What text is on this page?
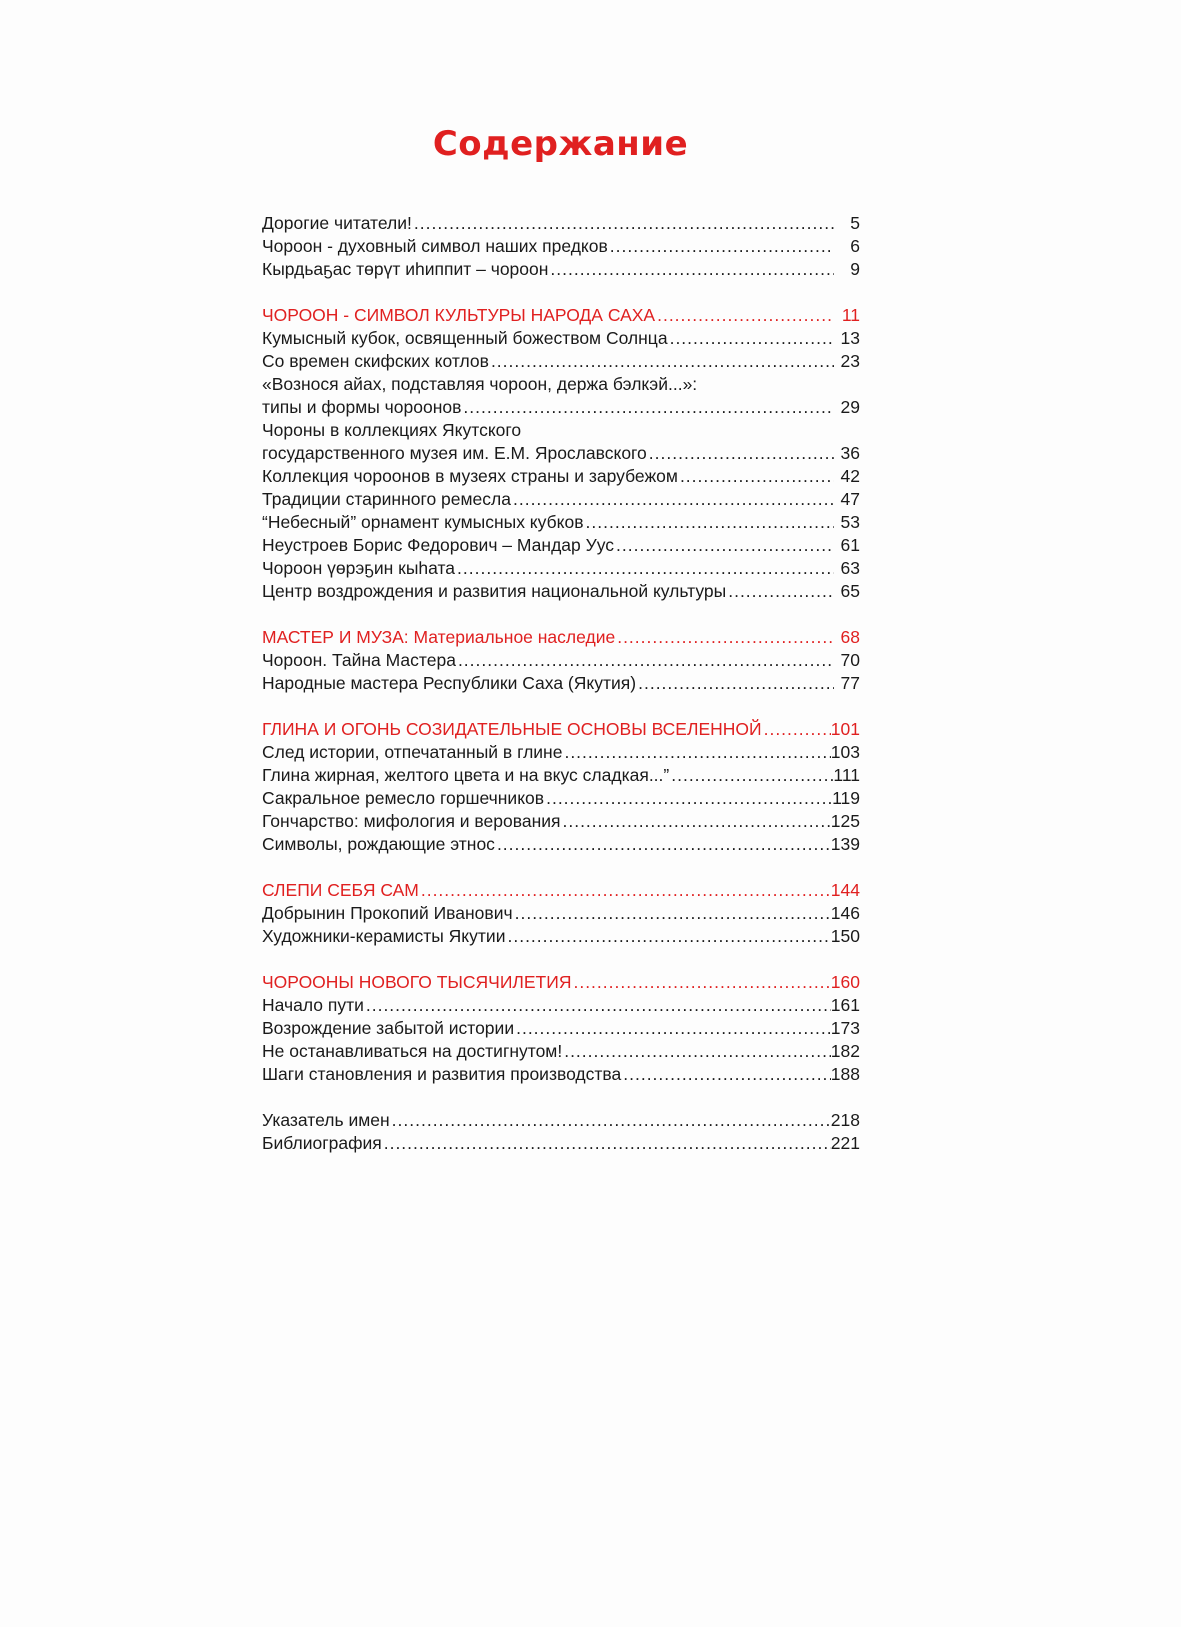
Содержание
Дорогие читатели! .....	5
Чороон - духовный символ наших предков .....	6
Кырдьаҕас төрүт иһиппит – чороон .....	9
ЧОРООН - СИМВОЛ КУЛЬТУРЫ НАРОДА САХА .....	11
Кумысный кубок, освященный божеством Солнца .....	13
Со времен скифских котлов .....	23
«Вознося айах, подставляя чороон, держа бэлкэй...»:
типы и формы чороонов .....	29
Чороны в коллекциях Якутского
государственного музея им. Е.М. Ярославского .....	36
Коллекция чороонов в музеях страны и зарубежом .....	42
Традиции старинного ремесла .....	47
“Небесный” орнамент кумысных кубков .....	53
Неустроев Борис Федорович – Мандар Уус .....	61
Чороон үөрэҕин кыһата .....	63
Центр воздрождения и развития национальной культуры .....	65
МАСТЕР И МУЗА: Материальное наследие .....	68
Чороон. Тайна Мастера .....	70
Народные мастера Республики Саха (Якутия) .....	77
ГЛИНА И ОГОНЬ СОЗИДАТЕЛЬНЫЕ ОСНОВЫ ВСЕЛЕННОЙ .....	101
След истории, отпечатанный в глине .....	103
Глина жирная, желтого цвета и на вкус сладкая...” .....	111
Сакральное ремесло горшечников .....	119
Гончарство: мифология и верования .....	125
Символы, рождающие этнос .....	139
СЛЕПИ СЕБЯ САМ .....	144
Добрынин Прокопий Иванович .....	146
Художники-керамисты Якутии .....	150
ЧОРООНЫ НОВОГО ТЫСЯЧИЛЕТИЯ .....	160
Начало пути .....	161
Возрождение забытой истории .....	173
Не останавливаться на достигнутом! .....	182
Шаги становления и развития производства .....	188
Указатель имен .....	218
Библиография .....	221
